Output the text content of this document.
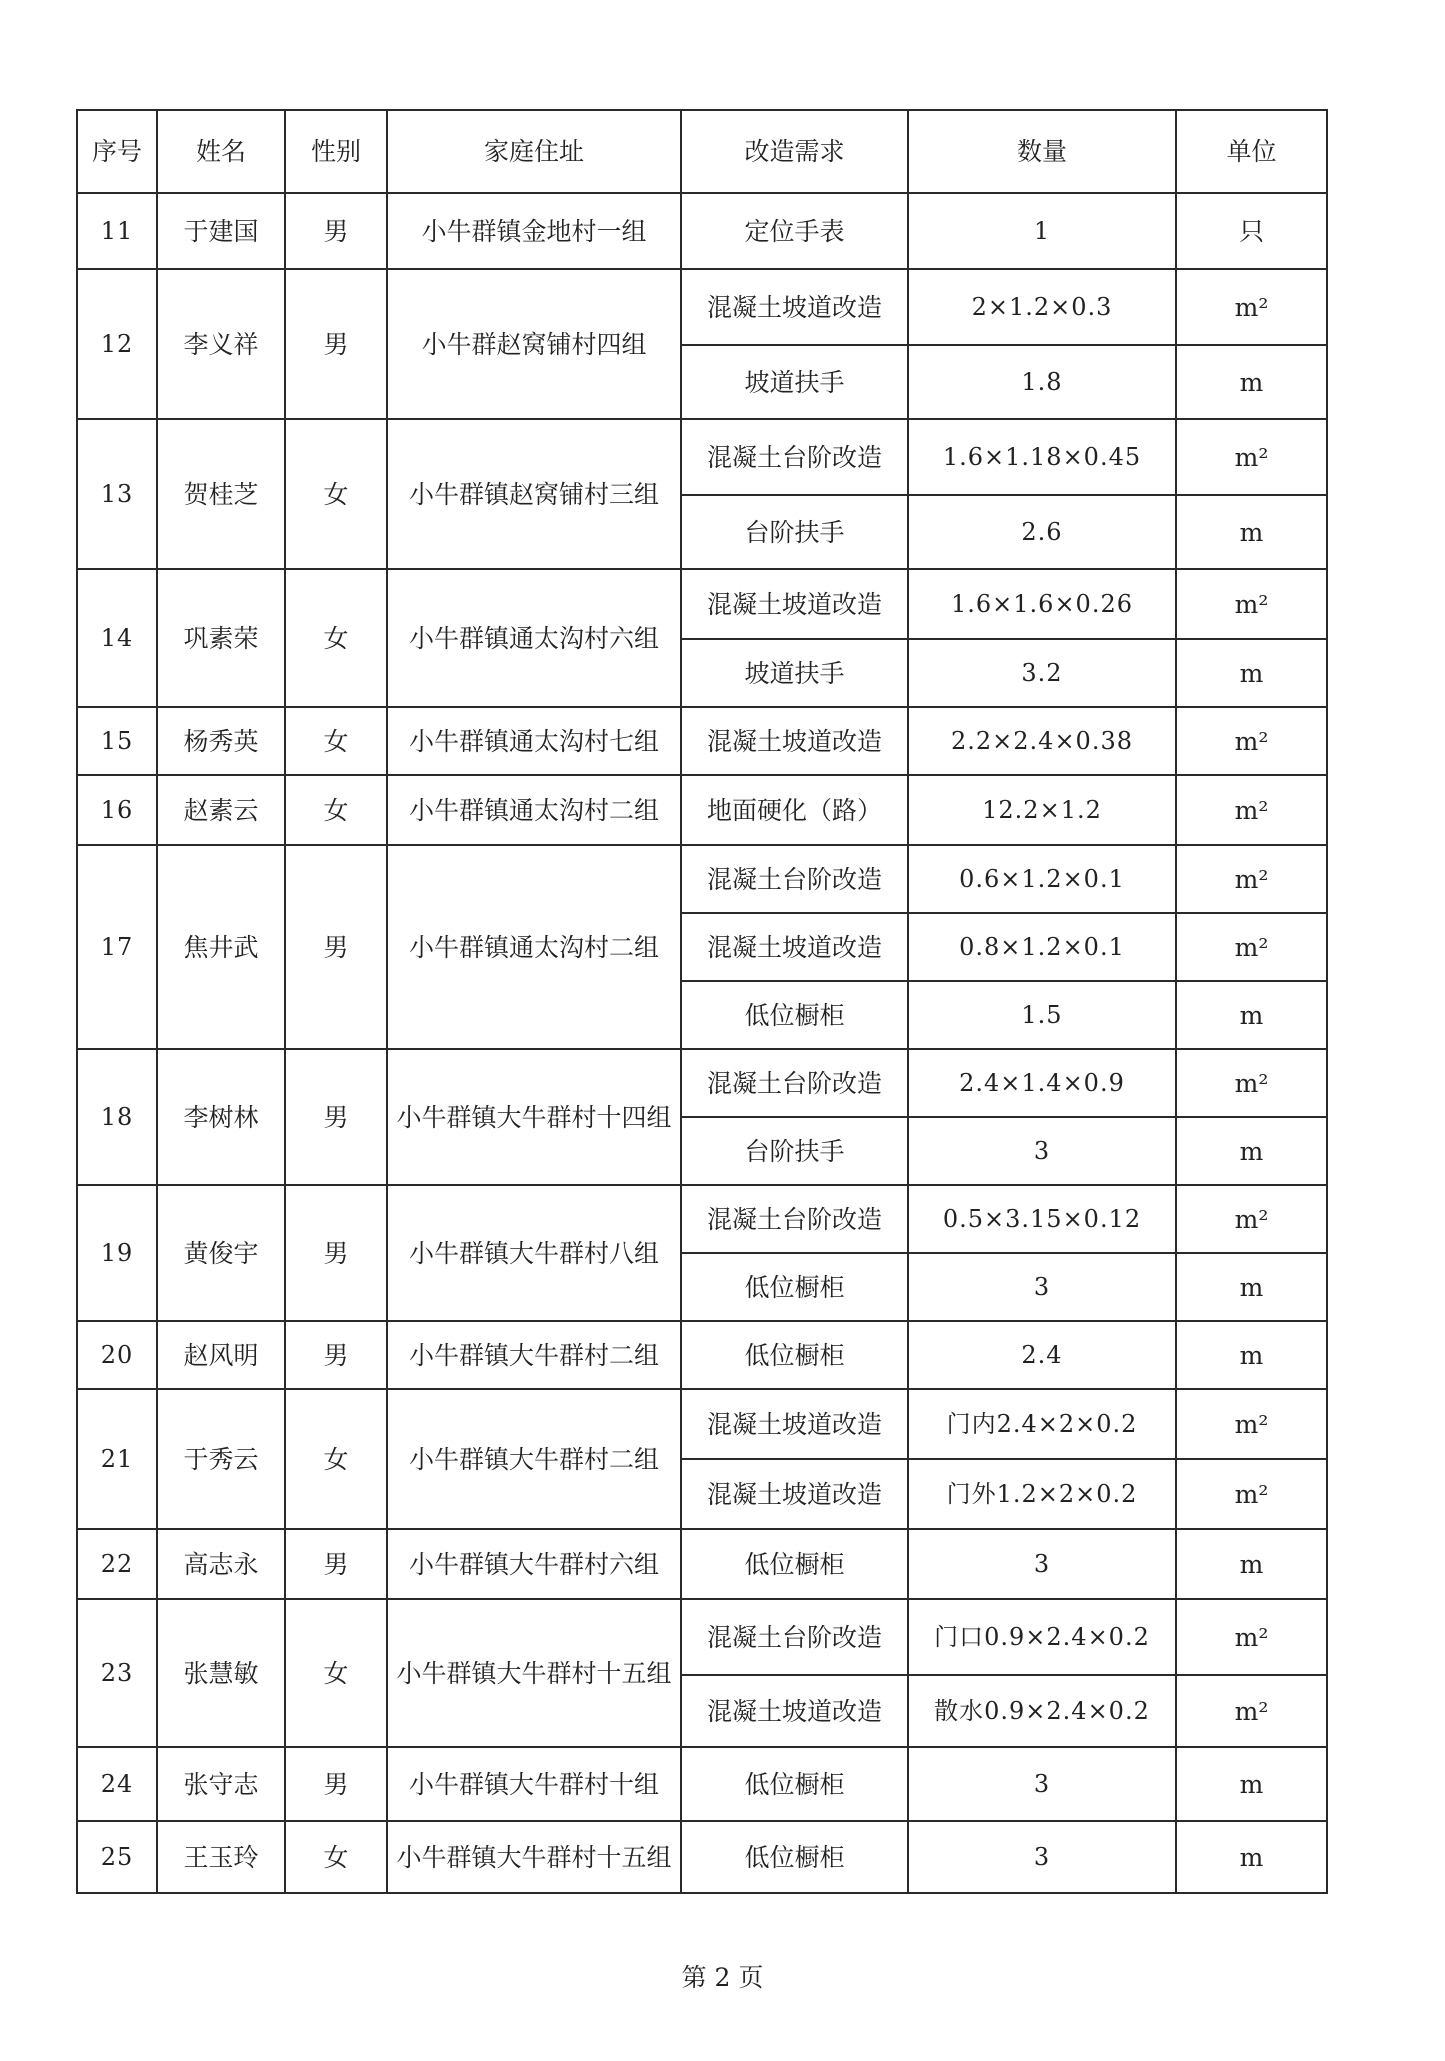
序号	姓名	性别	家庭住址	改造需求	数量	单位
11	于建国	男	小牛群镇金地村一组	定位手表	1	只
12	李义祥	男	小牛群赵窝铺村四组	混凝土坡道改造	2×1.2×0.3	m²
				坡道扶手	1.8	m
13	贺桂芝	女	小牛群镇赵窝铺村三组	混凝土台阶改造	1.6×1.18×0.45	m²
				台阶扶手	2.6	m
14	巩素荣	女	小牛群镇通太沟村六组	混凝土坡道改造	1.6×1.6×0.26	m²
				坡道扶手	3.2	m
15	杨秀英	女	小牛群镇通太沟村七组	混凝土坡道改造	2.2×2.4×0.38	m²
16	赵素云	女	小牛群镇通太沟村二组	地面硬化（路）	12.2×1.2	m²
17	焦井武	男	小牛群镇通太沟村二组	混凝土台阶改造	0.6×1.2×0.1	m²
				混凝土坡道改造	0.8×1.2×0.1	m²
				低位橱柜	1.5	m
18	李树林	男	小牛群镇大牛群村十四组	混凝土台阶改造	2.4×1.4×0.9	m²
				台阶扶手	3	m
19	黄俊宇	男	小牛群镇大牛群村八组	混凝土台阶改造	0.5×3.15×0.12	m²
				低位橱柜	3	m
20	赵风明	男	小牛群镇大牛群村二组	低位橱柜	2.4	m
21	于秀云	女	小牛群镇大牛群村二组	混凝土坡道改造	门内2.4×2×0.2	m²
				混凝土坡道改造	门外1.2×2×0.2	m²
22	高志永	男	小牛群镇大牛群村六组	低位橱柜	3	m
23	张慧敏	女	小牛群镇大牛群村十五组	混凝土台阶改造	门口0.9×2.4×0.2	m²
				混凝土坡道改造	散水0.9×2.4×0.2	m²
24	张守志	男	小牛群镇大牛群村十组	低位橱柜	3	m
25	王玉玲	女	小牛群镇大牛群村十五组	低位橱柜	3	m
第 2 页
